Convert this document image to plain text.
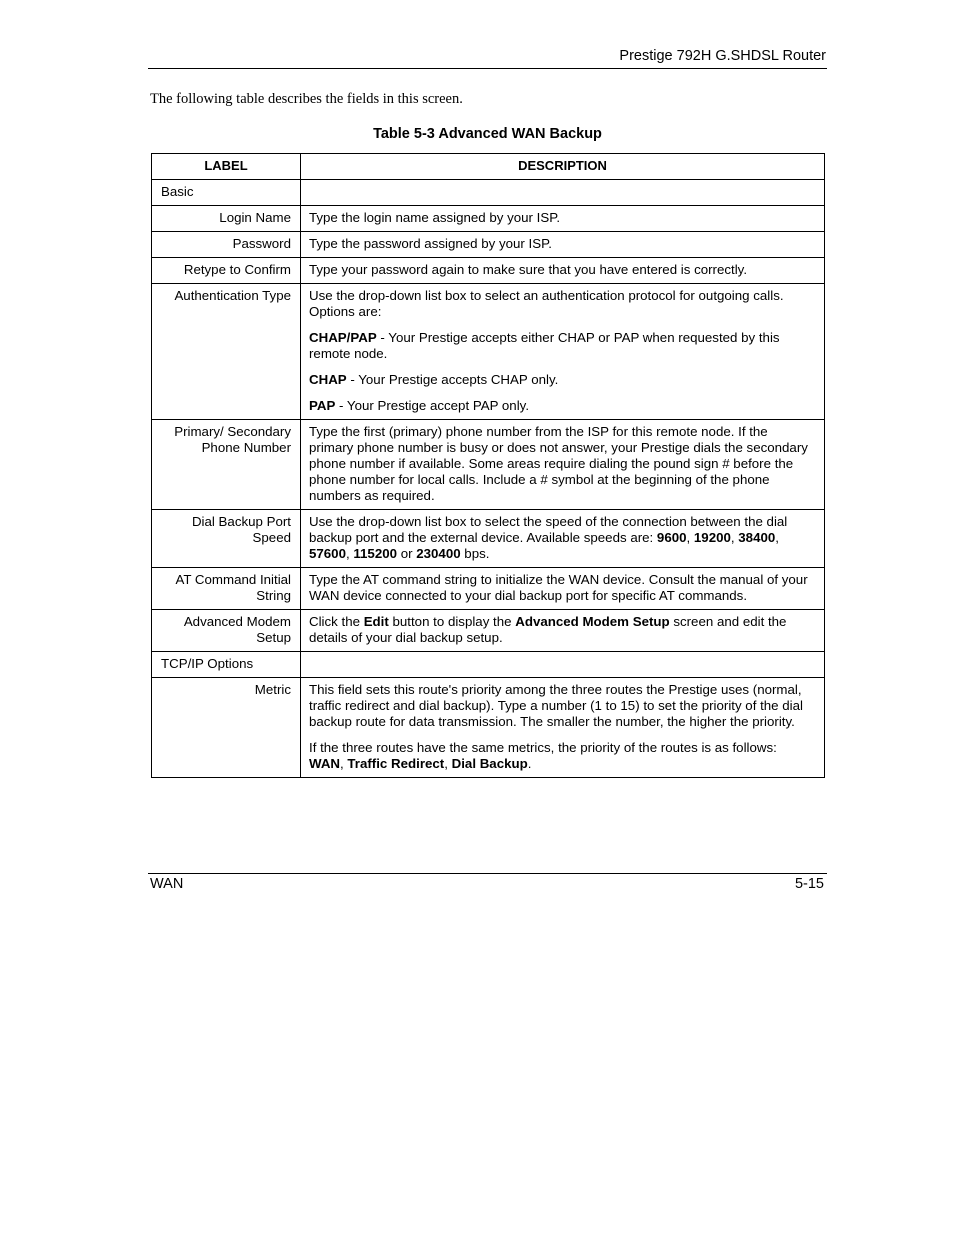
Prestige 792H G.SHDSL Router
The following table describes the fields in this screen.
Table 5-3 Advanced WAN Backup
LABEL	DESCRIPTION
Basic	
Login Name	Type the login name assigned by your ISP.
Password	Type the password assigned by your ISP.
Retype to Confirm	Type your password again to make sure that you have entered is correctly.
Authentication Type	Use the drop-down list box to select an authentication protocol for outgoing calls. Options are:

CHAP/PAP - Your Prestige accepts either CHAP or PAP when requested by this remote node.

CHAP - Your Prestige accepts CHAP only.

PAP - Your Prestige accept PAP only.

Primary/ Secondary Phone Number	Type the first (primary) phone number from the ISP for this remote node. If the primary phone number is busy or does not answer, your Prestige dials the secondary phone number if available. Some areas require dialing the pound sign # before the phone number for local calls. Include a # symbol at the beginning of the phone numbers as required.
Dial Backup Port Speed	Use the drop-down list box to select the speed of the connection between the dial backup port and the external device. Available speeds are: 9600, 19200, 38400, 57600, 115200 or 230400 bps.
AT Command Initial String	Type the AT command string to initialize the WAN device. Consult the manual of your WAN device connected to your dial backup port for specific AT commands.
Advanced Modem Setup	Click the Edit button to display the Advanced Modem Setup screen and edit the details of your dial backup setup.
TCP/IP Options	
Metric	This field sets this route's priority among the three routes the Prestige uses (normal, traffic redirect and dial backup). Type a number (1 to 15) to set the priority of the dial backup route for data transmission. The smaller the number, the higher the priority.

If the three routes have the same metrics, the priority of the routes is as follows: WAN, Traffic Redirect, Dial Backup.

WAN	5-15
